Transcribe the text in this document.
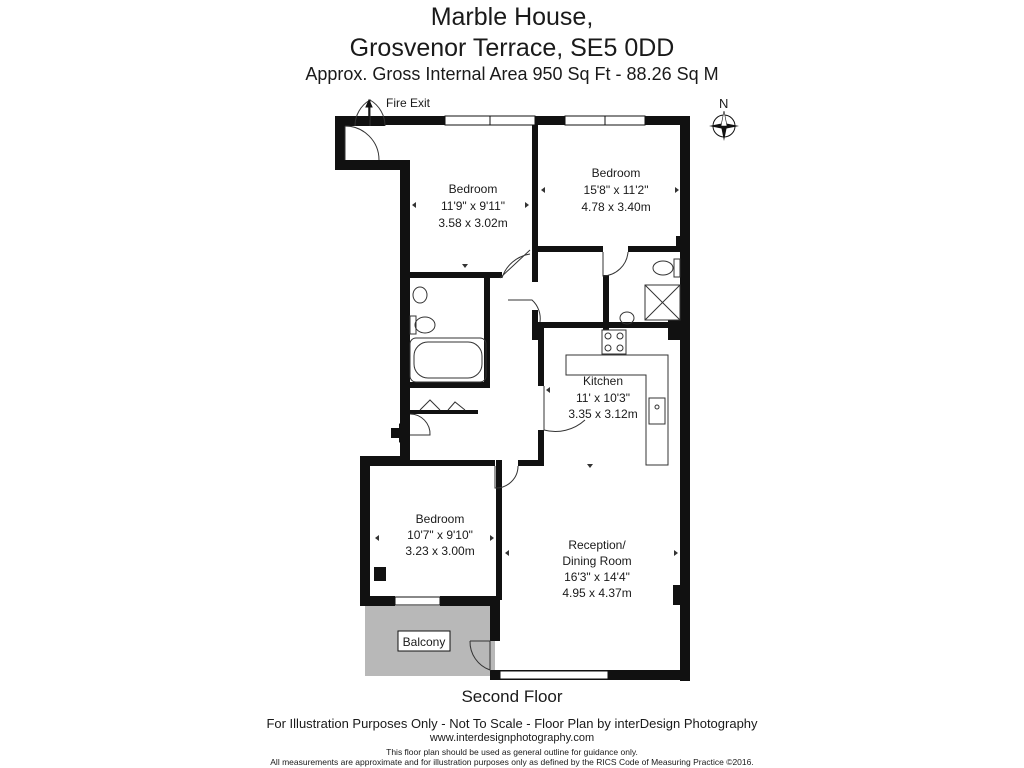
Marble House,
Grosvenor Terrace, SE5 0DD
Approx. Gross Internal Area 950 Sq Ft - 88.26 Sq M
Fire Exit	N
Bedroom
11'9" x 9'11"
3.58 x 3.02m
Bedroom
15'8" x 11'2"
4.78 x 3.40m
Kitchen
11' x 10'3"
3.35 x 3.12m
Bedroom
10'7" x 9'10"
3.23 x 3.00m	Reception/
Dining Room
16'3" x 14'4"
4.95 x 4.37m
Balcony
Second Floor
For Illustration Purposes Only - Not To Scale - Floor Plan by interDesign Photography
www.interdesignphotography.com
This floor plan should be used as general outline for guidance only.
All measurements are approximate and for illustration purposes only as defined by the RICS Code of Measuring Practice ©2016.
